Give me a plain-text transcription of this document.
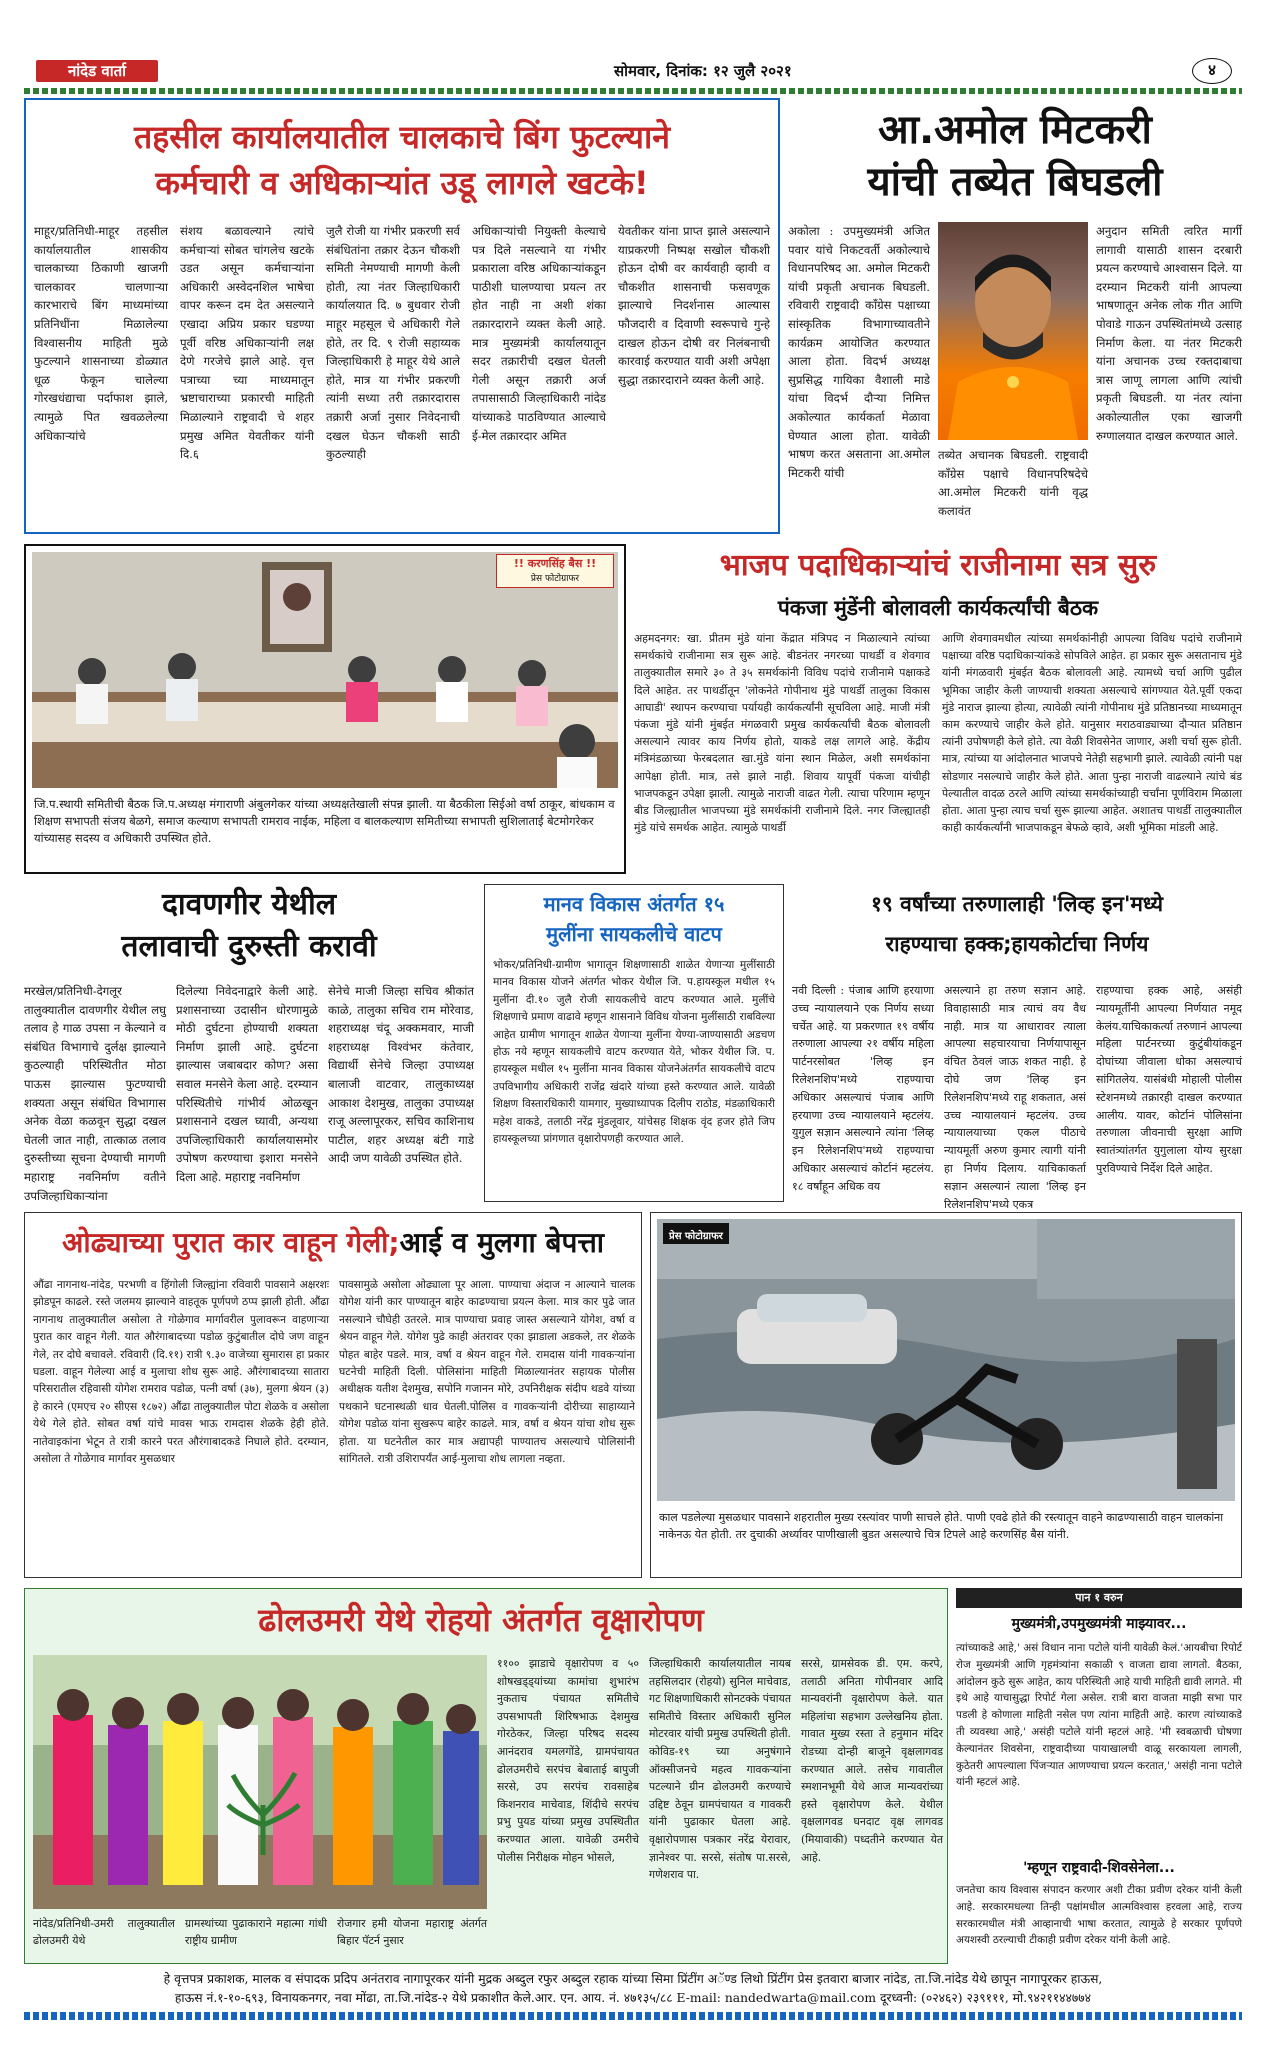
नांदेड वार्ता	सोमवार, दिनांक: १२ जुलै २०२१	४
तहसील कार्यालयातील चालकाचे बिंग फुटल्याने
कर्मचारी व अधिकाऱ्यांत उडू लागले खटके!
माहूर/प्रतिनिधी-माहूर तहसील कार्यालयातील शासकीय चालकाच्या ठिकाणी खाजगी चालकावर चालणाऱ्या कारभाराचे बिंग माध्यमांच्या प्रतिनिधींना मिळालेल्या विश्वासनीय माहिती मुळे फुटल्याने शासनाच्या डोळ्यात धूळ फेकून चालेल्या गोरखधंद्याचा पर्दाफाश झाले, त्यामुळे पित खवळलेल्या अधिकाऱ्यांचे
संशय बळावल्याने त्यांचे कर्मचाऱ्यां सोबत चांगलेच खटके उडत असून कर्मचाऱ्यांना अधिकारी अस्वेदनशिल भाषेचा वापर करून दम देत असल्याने एखादा अप्रिय प्रकार घडण्या पूर्वी वरिष्ठ अधिकाऱ्यांनी लक्ष देणे गरजेचे झाले आहे. वृत्त पत्राच्या च्या माध्यमातून भ्रष्टाचाराच्या प्रकारची माहिती मिळाल्याने राष्ट्रवादी चे शहर प्रमुख अमित येवतीकर यांनी दि.६
जुलै रोजी या गंभीर प्रकरणी सर्व संबंधितांना तक्रार देऊन चौकशी समिती नेमण्याची मागणी केली होती, त्या नंतर जिल्हाधिकारी कार्यालयात दि. ७ बुधवार रोजी माहूर महसूल चे अधिकारी गेले होते, तर दि. ९ रोजी सहाय्यक जिल्हाधिकारी हे माहूर येथे आले होते, मात्र या गंभीर प्रकरणी त्यांनी सध्या तरी तक्रारदारास तक्रारी अर्जा नुसार निवेदनाची दखल घेऊन चौकशी साठी कुठल्याही
अधिकाऱ्यांची नियुक्ती केल्याचे पत्र दिले नसल्याने या गंभीर प्रकाराला वरिष्ठ अधिकाऱ्यांकडून पाठीशी घालण्याचा प्रयत्न तर होत नाही ना अशी शंका तक्रारदाराने व्यक्त केली आहे. मात्र मुख्यमंत्री कार्यालयातून सदर तक्रारीची दखल घेतली गेली असून तक्रारी अर्ज तपासासाठी जिल्हाधिकारी नांदेड यांच्याकडे पाठविण्यात आल्याचे ई-मेल तक्रारदार अमित
येवतीकर यांना प्राप्त झाले असल्याने याप्रकरणी निष्पक्ष सखोल चौकशी होऊन दोषी वर कार्यवाही व्हावी व चौकशीत शासनाची फसवणूक झाल्याचे निदर्शनास आल्यास फौजदारी व दिवाणी स्वरूपाचे गुन्हे दाखल होऊन दोषी वर निलंबनाची कारवाई करण्यात यावी अशी अपेक्षा सुद्धा तक्रारदाराने व्यक्त केली आहे.
आ.अमोल मिटकरी
यांची तब्येत बिघडली
अकोला : उपमुख्यमंत्री अजित पवार यांचे निकटवर्ती अकोल्याचे विधानपरिषद आ. अमोल मिटकरी यांची प्रकृती अचानक बिघडली. रविवारी राष्ट्रवादी कॉंग्रेस पक्षाच्या सांस्कृतिक विभागाच्यावतीने कार्यक्रम आयोजित करण्यात आला होता. विदर्भ अध्यक्ष सुप्रसिद्ध गायिका वैशाली माडे यांचा विदर्भ दौऱ्या निमित्त अकोल्यात कार्यकर्ता मेळावा घेण्यात आला होता. यावेळी भाषण करत असताना आ.अमोल मिटकरी यांची
तब्येत अचानक बिघडली. राष्ट्रवादी कॉंग्रेस पक्षाचे विधानपरिषदेचे आ.अमोल मिटकरी यांनी वृद्ध कलावंत
अनुदान समिती त्वरित मार्गी लागावी यासाठी शासन दरबारी प्रयत्न करण्याचे आश्वासन दिले. या दरम्यान मिटकरी यांनी आपल्या भाषणातून अनेक लोक गीत आणि पोवाडे गाऊन उपस्थितांमध्ये उत्साह निर्माण केला. या नंतर मिटकरी यांना अचानक उच्च रक्तदाबाचा त्रास जाणू लागला आणि त्यांची प्रकृती बिघडली. या नंतर त्यांना अकोल्यातील एका खाजगी रुग्णालयात दाखल करण्यात आले.
!! करणसिंह बैस !!
प्रेस फोटोग्राफर
जि.प.स्थायी समितीची बैठक जि.प.अध्यक्ष मंगाराणी अंबुलगेकर यांच्या अध्यक्षतेखाली संपन्न झाली. या बैठकीला सिईओ वर्षा ठाकूर, बांधकाम व शिक्षण सभापती संजय बेळगे, समाज कल्याण सभापती रामराव नाईक, महिला व बालकल्याण समितीच्या सभापती सुशिलाताई बेटमोगरेकर यांच्यासह सदस्य व अधिकारी उपस्थित होते.
भाजप पदाधिकाऱ्यांचं राजीनामा सत्र सुरु
पंकजा मुंडेंनी बोलावली कार्यकर्त्यांची बैठक
अहमदनगर: खा. प्रीतम मुंडे यांना केंद्रात मंत्रिपद न मिळाल्याने त्यांच्या समर्थकांचे राजीनामा सत्र सुरू आहे. बीडनंतर नगरच्या पाथर्डी व शेवगाव तालुक्यातील समारे ३० ते ३५ समर्थकांनी विविध पदांचे राजीनामे पक्षाकडे दिले आहेत. तर पाथर्डीतून 'लोकनेते गोपीनाथ मुंडे पाथर्डी तालुका विकास आघाडी' स्थापन करण्याचा पर्यायही कार्यकर्त्यांनी सूचविला आहे. माजी मंत्री पंकजा मुंडे यांनी मुंबईत मंगळवारी प्रमुख कार्यकर्त्यांची बैठक बोलावली असल्याने त्यावर काय निर्णय होतो, याकडे लक्ष लागले आहे. केंद्रीय मंत्रिमंडळाच्या फेरबदलात खा.मुंडे यांना स्थान मिळेल, अशी समर्थकांना आपेक्षा होती. मात्र, तसे झाले नाही. शिवाय यापूर्वी पंकजा यांचीही भाजपकडून उपेक्षा झाली. त्यामुळे नाराजी वाढत गेली. त्याचा परिणाम म्हणून बीड जिल्ह्यातील भाजपच्या मुंडे समर्थकांनी राजीनामे दिले. नगर जिल्ह्यातही मुंडे यांचे समर्थक आहेत. त्यामुळे पाथर्डी
आणि शेवगावमधील त्यांच्या समर्थकांनीही आपल्या विविध पदांचे राजीनामे पक्षाच्या वरिष्ठ पदाधिकाऱ्यांकडे सोपविले आहेत. हा प्रकार सुरू असतानाच मुंडे यांनी मंगळवारी मुंबईत बैठक बोलावली आहे. त्यामध्ये चर्चा आणि पुढील भूमिका जाहीर केली जाण्याची शक्यता असल्याचे सांगण्यात येते.पूर्वी एकदा मुंडे नाराज झाल्या होत्या, त्यावेळी त्यांनी गोपीनाथ मुंडे प्रतिष्ठानच्या माध्यमातून काम करण्याचे जाहीर केले होते. यानुसार मराठवाड्याच्या दौऱ्यात प्रतिष्ठान त्यांनी उपोषणही केले होते. त्या वेळी शिवसेनेत जाणार, अशी चर्चा सुरू होती. मात्र, त्यांच्या या आंदोलनात भाजपचे नेतेही सहभागी झाले. त्यावेळी त्यांनी पक्ष सोडणार नसल्याचे जाहीर केले होते. आता पुन्हा नाराजी वाढल्याने त्यांचे बंड पेल्यातील वादळ ठरले आणि त्यांच्या समर्थकांच्याही चर्चांना पूर्णविराम मिळाला होता. आता पुन्हा त्याच चर्चा सुरू झाल्या आहेत. अशातच पाथर्डी तालुक्यातील काही कार्यकर्त्यांनी भाजपाकडून बेफळे व्हावे, अशी भूमिका मांडली आहे.
दावणगीर येथील
तलावाची दुरुस्ती करावी
मरखेल/प्रतिनिधी-देगलूर तालुक्यातील दावणगीर येथील लघु तलाव हे गाळ उपसा न केल्याने व संबंधित विभागाचे दुर्लक्ष झाल्याने कुठल्याही परिस्थितीत मोठा पाऊस झाल्यास फुटण्याची शक्यता असून संबंधित विभागास अनेक वेळा कळवून सुद्धा दखल घेतली जात नाही, तात्काळ तलाव दुरुस्तीच्या सूचना देण्याची मागणी महाराष्ट्र नवनिर्माण वतीने उपजिल्हाधिकाऱ्यांना
दिलेल्या निवेदनाद्वारे केली आहे. प्रशासनाच्या उदासीन धोरणामुळे मोठी दुर्घटना होण्याची शक्यता निर्माण झाली आहे. दुर्घटना झाल्यास जबाबदार कोण? असा सवाल मनसेने केला आहे. दरम्यान परिस्थितीचे गांभीर्य ओळखून प्रशासनाने दखल घ्यावी, अन्यथा उपजिल्हाधिकारी कार्यालयासमोर उपोषण करण्याचा इशारा मनसेने दिला आहे. महाराष्ट्र नवनिर्माण
सेनेचे माजी जिल्हा सचिव श्रीकांत काळे, तालुका सचिव राम मोरेवाड, शहराध्यक्ष चंदू अक्कमवार, माजी शहराध्यक्ष विश्वंभर कंतेवार, विद्यार्थी सेनेचे जिल्हा उपाध्यक्ष बालाजी वाटवार, तालुकाध्यक्ष आकाश देशमुख, तालुका उपाध्यक्ष राजू अल्लापूरकर, सचिव काशिनाथ पाटील, शहर अध्यक्ष बंटी गाडे आदी जण यावेळी उपस्थित होते.
मानव विकास अंतर्गत १५
मुलींना सायकलीचे वाटप
भोकर/प्रतिनिधी-ग्रामीण भागातून शिक्षणासाठी शाळेत येणाऱ्या मुलींसाठी मानव विकास योजने अंतर्गत भोकर येथील जि. प.हायस्कूल मधील १५ मुलींना दी.१० जुलै रोजी सायकलीचे वाटप करण्यात आले. मुलींचे शिक्षणाचे प्रमाण वाढावे म्हणून शासनाने विविध योजना मुलींसाठी राबविल्या आहेत ग्रामीण भागातून शाळेत येणाऱ्या मुलींना येण्या-जाण्यासाठी अडचण होऊ नये म्हणून सायकलीचे वाटप करण्यात येते, भोकर येथील जि. प. हायस्कूल मधील १५ मुलींना मानव विकास योजनेअंतर्गत सायकलीचे वाटप उपविभागीय अधिकारी राजेंद्र खंदारे यांच्या हस्ते करण्यात आले. यावेळी शिक्षण विस्तारधिकारी यामगार, मुख्याध्यापक दिलीप राठोड, मंडळाधिकारी महेश वाकडे, तलाठी नरेंद्र मुंडलूवार, यांचेसह शिक्षक वृंद हजर होते जिप हायस्कूलच्या प्रांगणात वृक्षारोपणही करण्यात आले.
१९ वर्षांच्या तरुणालाही 'लिव्ह इन'मध्ये
राहण्याचा हक्क;हायकोर्टाचा निर्णय
नवी दिल्ली : पंजाब आणि हरयाणा उच्च न्यायालयाने एक निर्णय सध्या चर्चेत आहे. या प्रकरणात १९ वर्षीय तरुणाला आपल्या २१ वर्षीय महिला पार्टनरसोबत 'लिव्ह इन रिलेशनशिप'मध्ये राहण्याचा अधिकार असल्याचं पंजाब आणि हरयाणा उच्च न्यायालयाने म्हटलंय. युगुल सज्ञान असल्याने त्यांना 'लिव्ह इन रिलेशनशिप'मध्ये राहण्याचा अधिकार असल्याचं कोर्टानं म्हटलंय. १८ वर्षांहून अधिक वय
असल्याने हा तरुण सज्ञान आहे. विवाहासाठी मात्र त्याचं वय वैध नाही. मात्र या आधारावर त्याला आपल्या सहचारयाचा निर्णयापासून वंचित ठेवलं जाऊ शकत नाही. हे दोघे जण 'लिव्ह इन रिलेशनशिप'मध्ये राहू शकतात, असं उच्च न्यायालयानं म्हटलंय. उच्च न्यायालयाच्या एकल पीठाचे न्यायमूर्ती अरुण कुमार त्यागी यांनी हा निर्णय दिलाय. याचिकाकर्ता सज्ञान असल्यानं त्याला 'लिव्ह इन रिलेशनशिप'मध्ये एकत्र
राहण्याचा हक्क आहे, असंही न्यायमूर्तींनी आपल्या निर्णयात नमूद केलंय.याचिकाकर्त्या तरुणानं आपल्या महिला पार्टनरच्या कुटुंबीयांकडून दोघांच्या जीवाला धोका असल्याचं सांगितलेय. यासंबंधी मोहाली पोलीस स्टेशनमध्ये तक्रारही दाखल करण्यात आलीय. यावर, कोर्टानं पोलिसांना तरुणाला जीवनाची सुरक्षा आणि स्वातंत्र्यांतर्गत युगुलाला योग्य सुरक्षा पुरविण्याचे निर्देश दिले आहेत.
ओढ्याच्या पुरात कार वाहून गेली;आई व मुलगा बेपत्ता
औंढा नागनाथ-नांदेड, परभणी व हिंगोली जिल्ह्यांना रविवारी पावसाने अक्षरशः झोडपून काढले. रस्ते जलमय झाल्याने वाहतूक पूर्णपणे ठप्प झाली होती. औंढा नागनाथ तालुक्यातील असोला ते गोळेगाव मार्गावरील पुलावरून वाहणाऱ्या पुरात कार वाहून गेली. यात औरंगाबादच्या पडोळ कुटुंबातील दोघे जण वाहून गेले, तर दोघे बचावले. रविवारी (दि.११) रात्री ९.३० वाजेच्या सुमारास हा प्रकार घडला. वाहून गेलेल्या आई व मुलाचा शोध सुरू आहे. औरंगाबादच्या सातारा परिसरातील रहिवासी योगेश रामराव पडोळ, पत्नी वर्षा (३७), मुलगा श्रेयन (३) हे कारने (एमएच २० सीएस १८७२) औंढा तालुक्यातील पोटा शेळके व असोला येथे गेले होते. सोबत वर्षा यांचे मावस भाऊ रामदास शेळके हेही होते. नातेवाइकांना भेटून ते रात्री कारने परत औरंगाबादकडे निघाले होते. दरम्यान, असोला ते गोळेगाव मार्गावर मुसळधार
पावसामुळे असोला ओढ्याला पूर आला. पाण्याचा अंदाज न आल्याने चालक योगेश यांनी कार पाण्यातून बाहेर काढण्याचा प्रयत्न केला. मात्र कार पुढे जात नसल्याने चौघेही उतरले. मात्र पाण्याचा प्रवाह जास्त असल्याने योगेश, वर्षा व श्रेयन वाहून गेले. योगेश पुढे काही अंतरावर एका झाडाला अडकले, तर शेळके पोहत बाहेर पडले. मात्र, वर्षा व श्रेयन वाहून गेले. रामदास यांनी गावकऱ्यांना घटनेची माहिती दिली. पोलिसांना माहिती मिळाल्यानंतर सहायक पोलीस अधीक्षक यतीश देशमुख, सपोनि गजानन मोरे, उपनिरीक्षक संदीप थडवे यांच्या पथकाने घटनास्थळी धाव घेतली.पोलिस व गावकऱ्यांनी दोरीच्या साहाय्याने योगेश पडोळ यांना सुखरूप बाहेर काढले. मात्र, वर्षा व श्रेयन यांचा शोध सुरू होता. या घटनेतील कार मात्र अद्यापही पाण्यातच असल्याचे पोलिसांनी सांगितले. रात्री उशिरापर्यंत आई-मुलाचा शोध लागला नव्हता.
प्रेस फोटोग्राफर
काल पडलेल्या मुसळधार पावसाने शहरातील मुख्य रस्त्यांवर पाणी साचले होते. पाणी एवढे होते की रस्त्यातून वाहने काढण्यासाठी वाहन चालकांना नाकेनऊ येत होती. तर दुचाकी अर्ध्यावर पाणीखाली बुडत असल्याचे चित्र टिपले आहे करणसिंह बैस यांनी.
ढोलउमरी येथे रोहयो अंतर्गत वृक्षारोपण
नांदेड/प्रतिनिधी-उमरी तालुक्यातील ढोलउमरी येथे
ग्रामस्थांच्या पुढाकाराने महात्मा गांधी राष्ट्रीय ग्रामीण
रोजगार हमी योजना महाराष्ट्र अंतर्गत बिहार पॅटर्न नुसार
११०० झाडाचे वृक्षारोपण व ५० शोषखड्ड्यांच्या कामांचा शुभारंभ नुकताच पंचायत समितीचे उपसभापती शिरिषभाऊ देशमुख गोरठेकर, जिल्हा परिषद सदस्य आनंदराव यमलगोंडे, ग्रामपंचायत ढोलउमरीचे सरपंच बेबाताई बापुजी सरसे, उप सरपंच रावसाहेब किशनराव माचेवाड, शिंदीचे सरपंच प्रभु पुयड यांच्या प्रमुख उपस्थितीत करण्यात आला. यावेळी उमरीचे पोलीस निरीक्षक मोहन भोसले,
जिल्हाधिकारी कार्यालयातील नायब तहसिलदार (रोहयो) सुनिल माचेवाड, गट शिक्षणाधिकारी सोनटक्के पंचायत समितीचे विस्तार अधिकारी सुनिल मोटरवार यांची प्रमुख उपस्थिती होती. कोविड-१९ च्या अनुषंगाने ऑक्सीजनचे महत्व गावकऱ्यांना पटल्याने ग्रीन ढोलउमरी करण्याचे उद्दिष्ट ठेवून ग्रामपंचायत व गावकरी यांनी पुढाकार घेतला आहे. वृक्षारोपणास पत्रकार नरेंद्र येरावार, ज्ञानेश्वर पा. सरसे, संतोष पा.सरसे, गणेशराव पा.
सरसे, ग्रामसेवक डी. एम. करपे, तलाठी अनिता गोपीनवार आदि मान्यवरांनी वृक्षारोपण केले. यात महिलांचा सहभाग उल्लेखनिय होता. गावात मुख्य रस्ता ते हनुमान मंदिर रोडच्या दोन्ही बाजूने वृक्षलागवड करण्यात आले. तसेच गावातील स्मशानभूमी येथे आज मान्यवरांच्या हस्ते वृक्षारोपण केले. येथील वृक्षलागवड घनदाट वृक्ष लागवड (मियावाकी) पध्दतीने करण्यात येत आहे.
पान १ वरुन
मुख्यमंत्री,उपमुख्यमंत्री माझ्यावर...
त्यांच्याकडे आहे,' असं विधान नाना पटोले यांनी यावेळी केलं.'आयबीचा रिपोर्ट रोज मुख्यमंत्री आणि गृहमंत्र्यांना सकाळी ९ वाजता द्यावा लागतो. बैठका, आंदोलन कुठे सुरू आहेत, काय परिस्थिती आहे याची माहिती द्यावी लागते. मी इथे आहे याचासुद्धा रिपोर्ट गेला असेल. रात्री बारा वाजता माझी सभा पार पडली हे कोणाला माहिती नसेल पण त्यांना माहिती आहे. कारण त्यांच्याकडे ती व्यवस्था आहे,' असंही पटोले यांनी म्हटलं आहे. 'मी स्वबळाची घोषणा केल्यानंतर शिवसेना, राष्ट्रवादीच्या पायाखालची वाळू सरकायला लागली, कुठेतरी आपल्याला पिंजऱ्यात आणण्याचा प्रयत्न करतात,' असंही नाना पटोले यांनी म्हटलं आहे.
'म्हणून राष्ट्रवादी-शिवसेनेला...
जनतेचा काय विश्वास संपादन करणार अशी टीका प्रवीण दरेकर यांनी केली आहे. सरकारमधल्या तिन्ही पक्षांमधील आत्मविश्वास हरवला आहे, राज्य सरकारमधील मंत्री आव्हानाची भाषा करतात, त्यामुळे हे सरकार पूर्णपणे अयशस्वी ठरल्याची टीकाही प्रवीण दरेकर यांनी केली आहे.
हे वृत्तपत्र प्रकाशक, मालक व संपादक प्रदिप अनंतराव नागापूरकर यांनी मुद्रक अब्दुल रफुर अब्दुल रहाक यांच्या सिमा प्रिंटींग अॅण्ड लिथो प्रिंटींग प्रेस इतवारा बाजार नांदेड, ता.जि.नांदेड येथे छापून नागापूरकर हाऊस,
हाऊस नं.१-१०-६९३, विनायकनगर, नवा मोंढा, ता.जि.नांदेड-२ येथे प्रकाशीत केले.आर. एन. आय. नं. ४७१३५/८८ E-mail: nandedwarta@mail.com दूरध्वनी: (०२४६२) २३९१११, मो.९४२११४४७७४
